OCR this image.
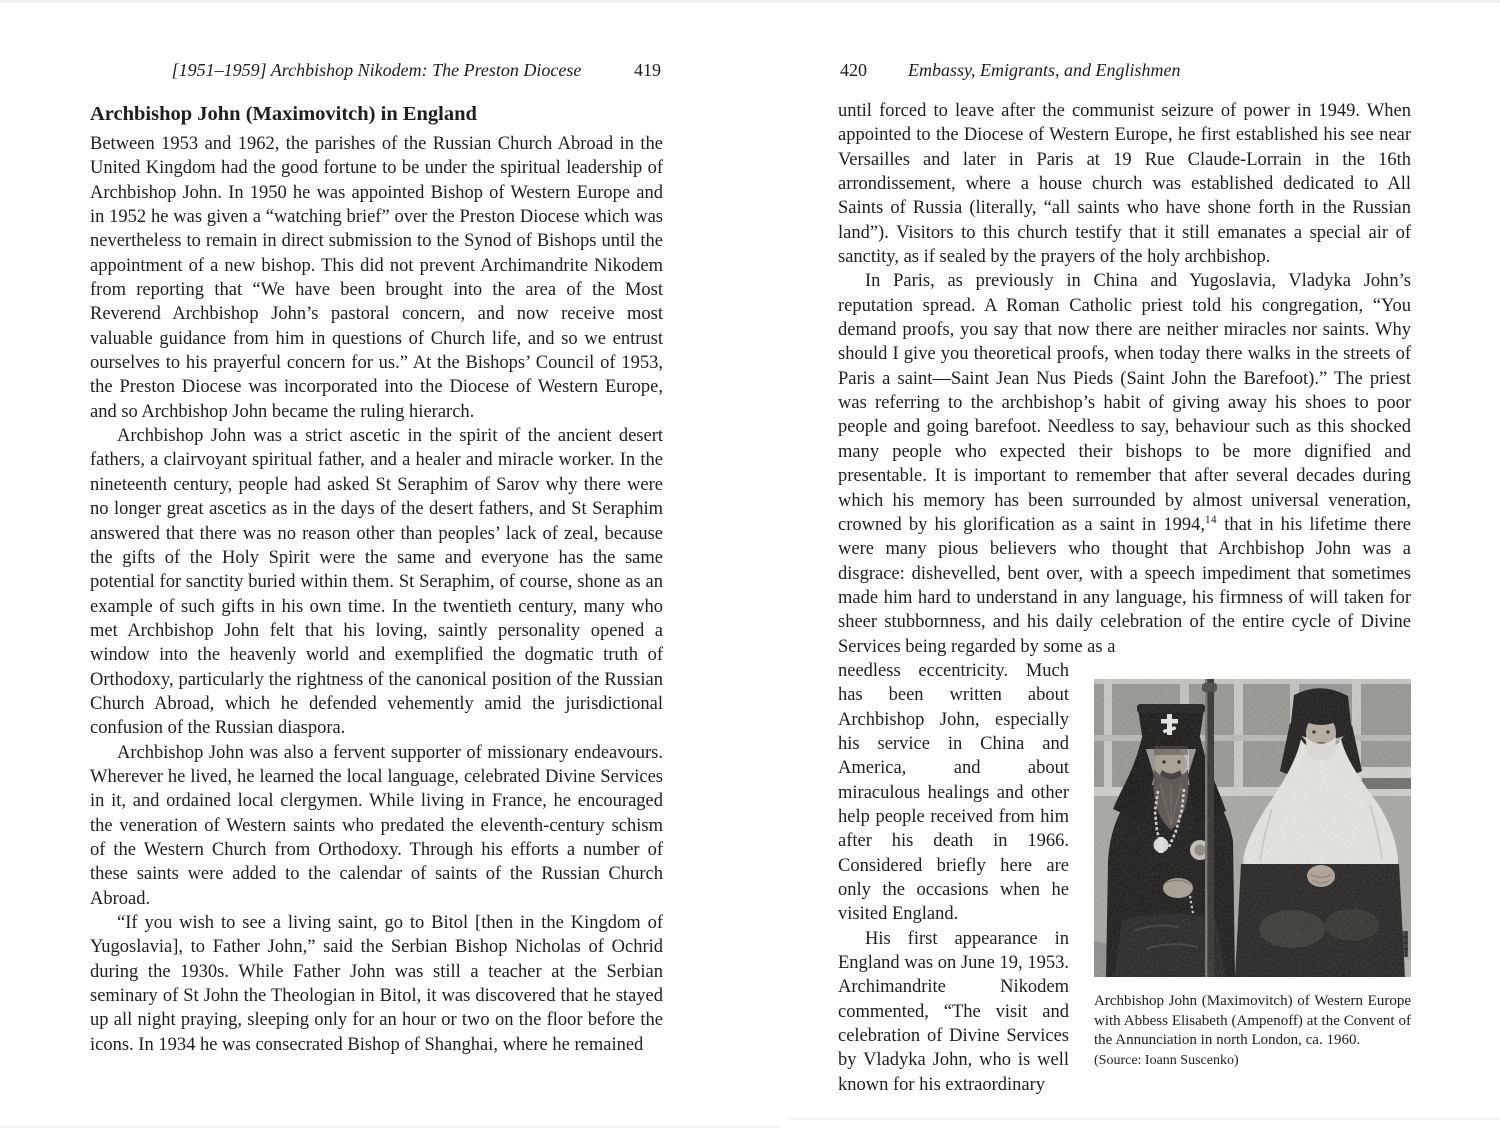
[1951–1959] Archbishop Nikodem: The Preston Diocese	419
Archbishop John (Maximovitch) in England

Between 1953 and 1962, the parishes of the Russian Church Abroad in the United Kingdom had the good fortune to be under the spiritual leadership of Archbishop John. In 1950 he was appointed Bishop of Western Europe and in 1952 he was given a “watching brief” over the Preston Diocese which was nevertheless to remain in direct submission to the Synod of Bishops until the appointment of a new bishop. This did not prevent Archimandrite Nikodem from reporting that “We have been brought into the area of the Most Reverend Archbishop John’s pastoral concern, and now receive most valuable guidance from him in questions of Church life, and so we entrust ourselves to his prayerful concern for us.” At the Bishops’ Council of 1953, the Preston Diocese was incorporated into the Diocese of Western Europe, and so Archbishop John became the ruling hierarch.

Archbishop John was a strict ascetic in the spirit of the ancient desert fathers, a clairvoyant spiritual father, and a healer and miracle worker. In the nineteenth century, people had asked St Seraphim of Sarov why there were no longer great ascetics as in the days of the desert fathers, and St Seraphim answered that there was no reason other than peoples’ lack of zeal, because the gifts of the Holy Spirit were the same and everyone has the same potential for sanctity buried within them. St Seraphim, of course, shone as an example of such gifts in his own time. In the twentieth century, many who met Archbishop John felt that his loving, saintly personality opened a window into the heavenly world and exemplified the dogmatic truth of Orthodoxy, particularly the rightness of the canonical position of the Russian Church Abroad, which he defended vehemently amid the jurisdictional confusion of the Russian diaspora.

Archbishop John was also a fervent supporter of missionary endeavours. Wherever he lived, he learned the local language, celebrated Divine Services in it, and ordained local clergymen. While living in France, he encouraged the veneration of Western saints who predated the eleventh-century schism of the Western Church from Orthodoxy. Through his efforts a number of these saints were added to the calendar of saints of the Russian Church Abroad.

“If you wish to see a living saint, go to Bitol [then in the Kingdom of Yugoslavia], to Father John,” said the Serbian Bishop Nicholas of Ochrid during the 1930s. While Father John was still a teacher at the Serbian seminary of St John the Theologian in Bitol, it was discovered that he stayed up all night praying, sleeping only for an hour or two on the floor before the icons. In 1934 he was consecrated Bishop of Shanghai, where he remained

420 Embassy, Emigrants, and Englishmen

until forced to leave after the communist seizure of power in 1949. When appointed to the Diocese of Western Europe, he first established his see near Versailles and later in Paris at 19 Rue Claude-Lorrain in the 16th arrondissement, where a house church was established dedicated to All Saints of Russia (literally, “all saints who have shone forth in the Russian land”). Visitors to this church testify that it still emanates a special air of sanctity, as if sealed by the prayers of the holy archbishop.

In Paris, as previously in China and Yugoslavia, Vladyka John’s reputation spread. A Roman Catholic priest told his congregation, “You demand proofs, you say that now there are neither miracles nor saints. Why should I give you theoretical proofs, when today there walks in the streets of Paris a saint—Saint Jean Nus Pieds (Saint John the Barefoot).” The priest was referring to the archbishop’s habit of giving away his shoes to poor people and going barefoot. Needless to say, behaviour such as this shocked many people who expected their bishops to be more dignified and presentable. It is important to remember that after several decades during which his memory has been surrounded by almost universal veneration, crowned by his glorification as a saint in 1994,14 that in his lifetime there were many pious believers who thought that Archbishop John was a disgrace: dishevelled, bent over, with a speech impediment that sometimes made him hard to understand in any language, his firmness of will taken for sheer stubbornness, and his daily celebration of the entire cycle of Divine Services being regarded by some as a

Archbishop John (Maximovitch) of Western Europe with Abbess Elisabeth (Ampenoff) at the Convent of the Annunciation in north London, ca. 1960.
(Source: Ioann Suscenko)

needless eccentricity. Much has been written about Archbishop John, especially his service in China and America, and about miraculous healings and other help people received from him after his death in 1966. Considered briefly here are only the occasions when he visited England.

His first appearance in England was on June 19, 1953. Archimandrite Nikodem commented, “The visit and celebration of Divine Services by Vladyka John, who is well known for his extraordinary
